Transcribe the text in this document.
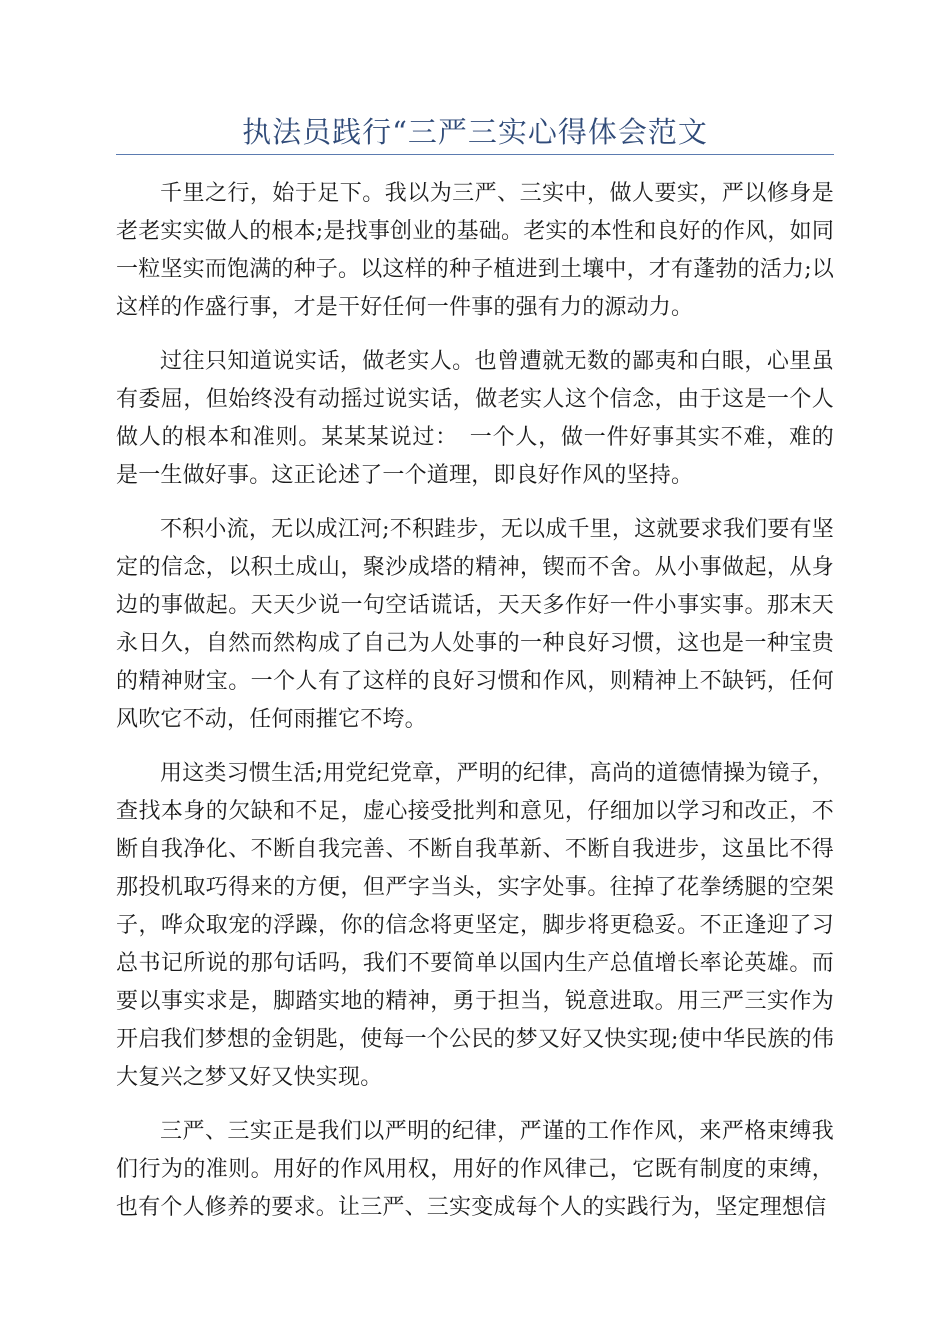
执法员践行“三严三实心得体会范文

千里之行，始于足下。我以为三严、三实中，做人要实，严以修身是老老实实做人的根本;是找事创业的基础。老实的本性和良好的作风，如同一粒坚实而饱满的种子。以这样的种子植进到土壤中，才有蓬勃的活力;以这样的作盛行事，才是干好任何一件事的强有力的源动力。

过往只知道说实话，做老实人。也曾遭就无数的鄙夷和白眼，心里虽有委屈，但始终没有动摇过说实话，做老实人这个信念，由于这是一个人做人的根本和准则。某某某说过：　一个人，做一件好事其实不难，难的是一生做好事。这正论述了一个道理，即良好作风的坚持。

不积小流，无以成江河;不积跬步，无以成千里，这就要求我们要有坚定的信念，以积土成山，聚沙成塔的精神，锲而不舍。从小事做起，从身边的事做起。天天少说一句空话谎话，天天多作好一件小事实事。那末天永日久，自然而然构成了自己为人处事的一种良好习惯，这也是一种宝贵的精神财宝。一个人有了这样的良好习惯和作风，则精神上不缺钙，任何风吹它不动，任何雨摧它不垮。

用这类习惯生活;用党纪党章，严明的纪律，高尚的道德情操为镜子，查找本身的欠缺和不足，虚心接受批判和意见，仔细加以学习和改正，不断自我净化、不断自我完善、不断自我革新、不断自我进步，这虽比不得那投机取巧得来的方便，但严字当头，实字处事。往掉了花拳绣腿的空架子，哗众取宠的浮躁，你的信念将更坚定，脚步将更稳妥。不正逢迎了习总书记所说的那句话吗，我们不要简单以国内生产总值增长率论英雄。而要以事实求是，脚踏实地的精神，勇于担当，锐意进取。用三严三实作为开启我们梦想的金钥匙，使每一个公民的梦又好又快实现;使中华民族的伟大复兴之梦又好又快实现。

三严、三实正是我们以严明的纪律，严谨的工作作风，来严格束缚我们行为的准则。用好的作风用权，用好的作风律己，它既有制度的束缚，也有个人修养的要求。让三严、三实变成每个人的实践行为，坚定理想信
